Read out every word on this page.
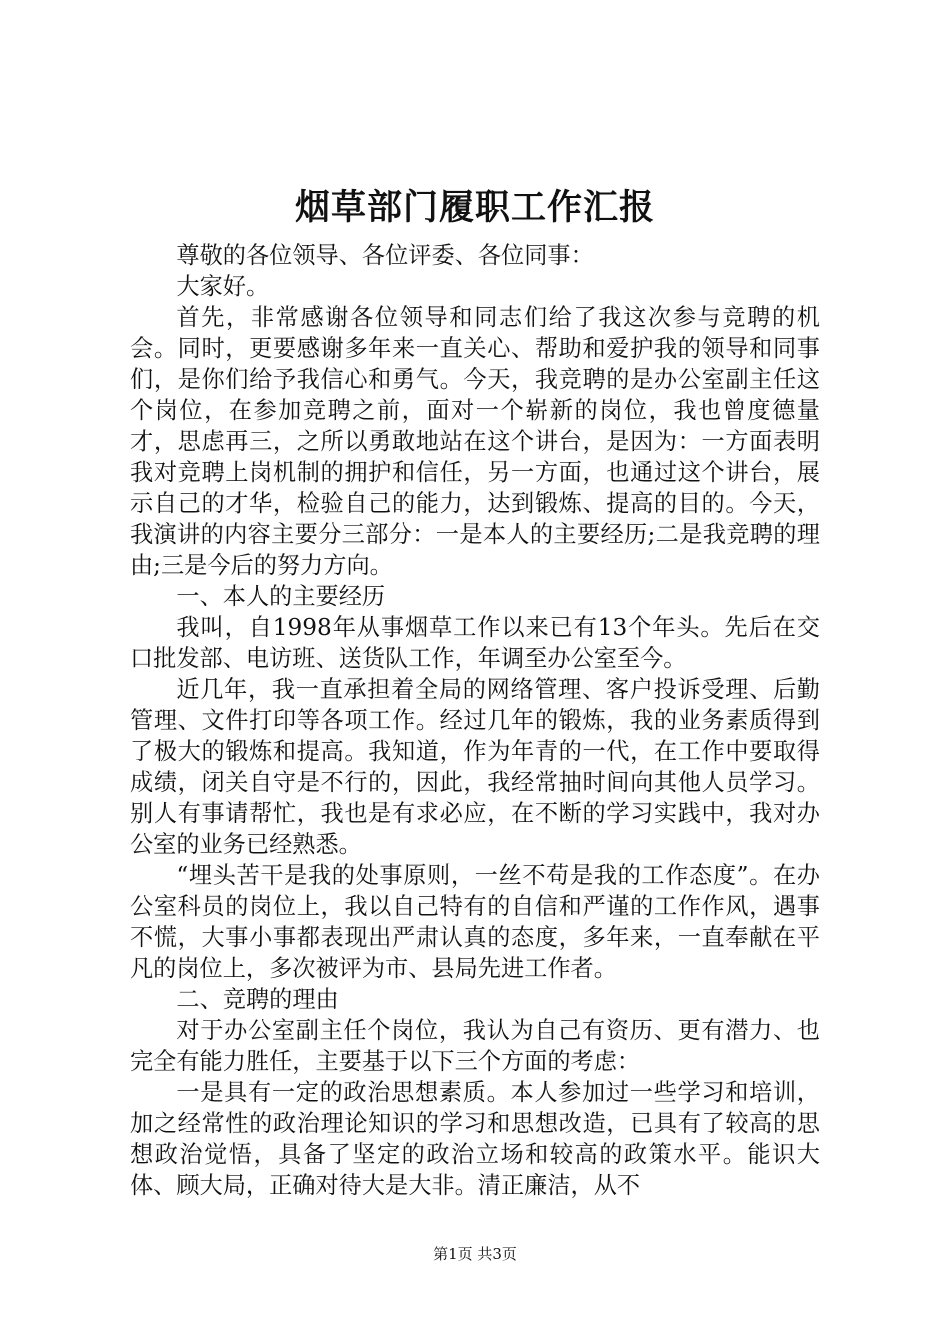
烟草部门履职工作汇报

尊敬的各位领导、各位评委、各位同事：

大家好。

首先，非常感谢各位领导和同志们给了我这次参与竞聘的机会。同时，更要感谢多年来一直关心、帮助和爱护我的领导和同事们，是你们给予我信心和勇气。今天，我竞聘的是办公室副主任这个岗位，在参加竞聘之前，面对一个崭新的岗位，我也曾度德量才，思虑再三，之所以勇敢地站在这个讲台，是因为：一方面表明我对竞聘上岗机制的拥护和信任，另一方面，也通过这个讲台，展示自己的才华，检验自己的能力，达到锻炼、提高的目的。今天，我演讲的内容主要分三部分：一是本人的主要经历;二是我竞聘的理由;三是今后的努力方向。

一、本人的主要经历

我叫，自1998年从事烟草工作以来已有13个年头。先后在交口批发部、电访班、送货队工作，年调至办公室至今。

近几年，我一直承担着全局的网络管理、客户投诉受理、后勤管理、文件打印等各项工作。经过几年的锻炼，我的业务素质得到了极大的锻炼和提高。我知道，作为年青的一代，在工作中要取得成绩，闭关自守是不行的，因此，我经常抽时间向其他人员学习。别人有事请帮忙，我也是有求必应，在不断的学习实践中，我对办公室的业务已经熟悉。

“埋头苦干是我的处事原则，一丝不苟是我的工作态度”。在办公室科员的岗位上，我以自己特有的自信和严谨的工作作风，遇事不慌，大事小事都表现出严肃认真的态度，多年来，一直奉献在平凡的岗位上，多次被评为市、县局先进工作者。

二、竞聘的理由

对于办公室副主任个岗位，我认为自己有资历、更有潜力、也完全有能力胜任，主要基于以下三个方面的考虑：

一是具有一定的政治思想素质。本人参加过一些学习和培训，加之经常性的政治理论知识的学习和思想改造，已具有了较高的思想政治觉悟，具备了坚定的政治立场和较高的政策水平。能识大体、顾大局，正确对待大是大非。清正廉洁，从不

第1页 共3页
